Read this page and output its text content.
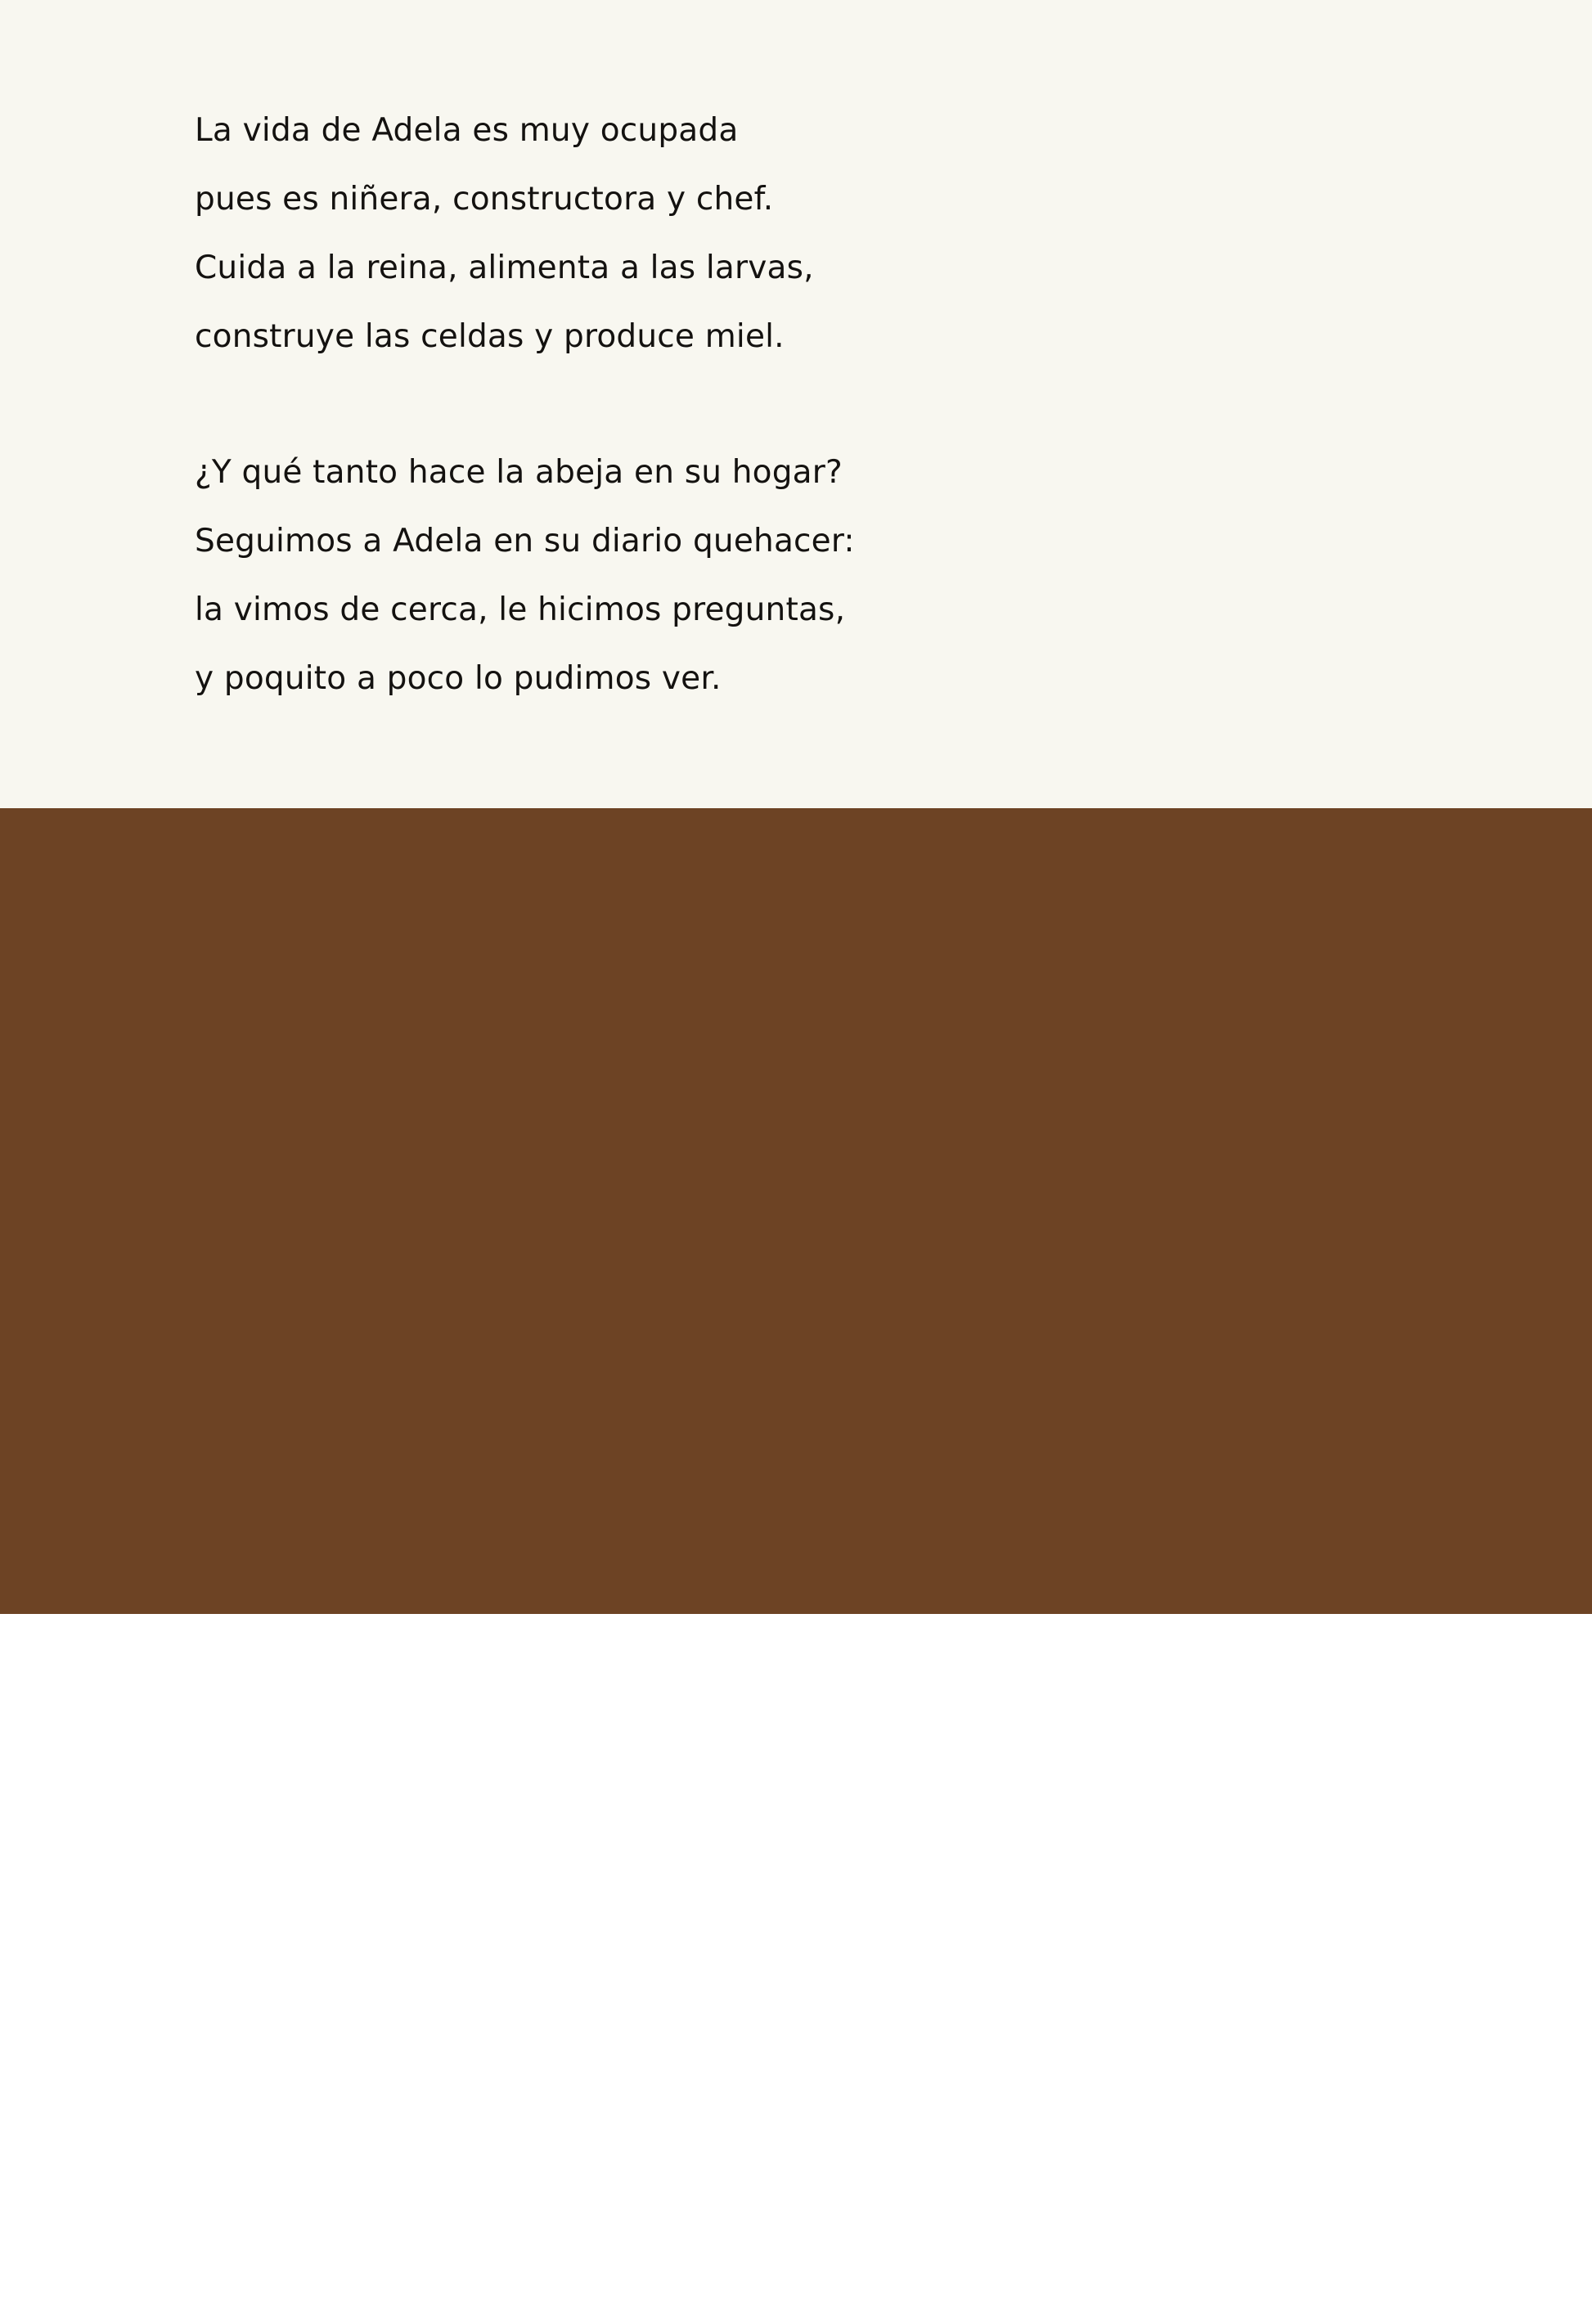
La vida de Adela es muy ocupada
pues es niñera, constructora y chef.
Cuida a la reina, alimenta a las larvas,
construye las celdas y produce miel.

¿Y qué tanto hace la abeja en su hogar?
Seguimos a Adela en su diario quehacer:
la vimos de cerca, le hicimos preguntas,
y poquito a poco lo pudimos ver.

Adela’s workday can get very busy
since she is a nanny, a maid, and a chef.
She nurtures the larvae, she pampers the queen bee,
she builds cells for honey and guards them from thieves.

But what is Adela doing at home?
We followed her closely in her daily routine:
we saw all her movements, we asked her some questions,
and slowly but surely, this is what we’ve seen.
